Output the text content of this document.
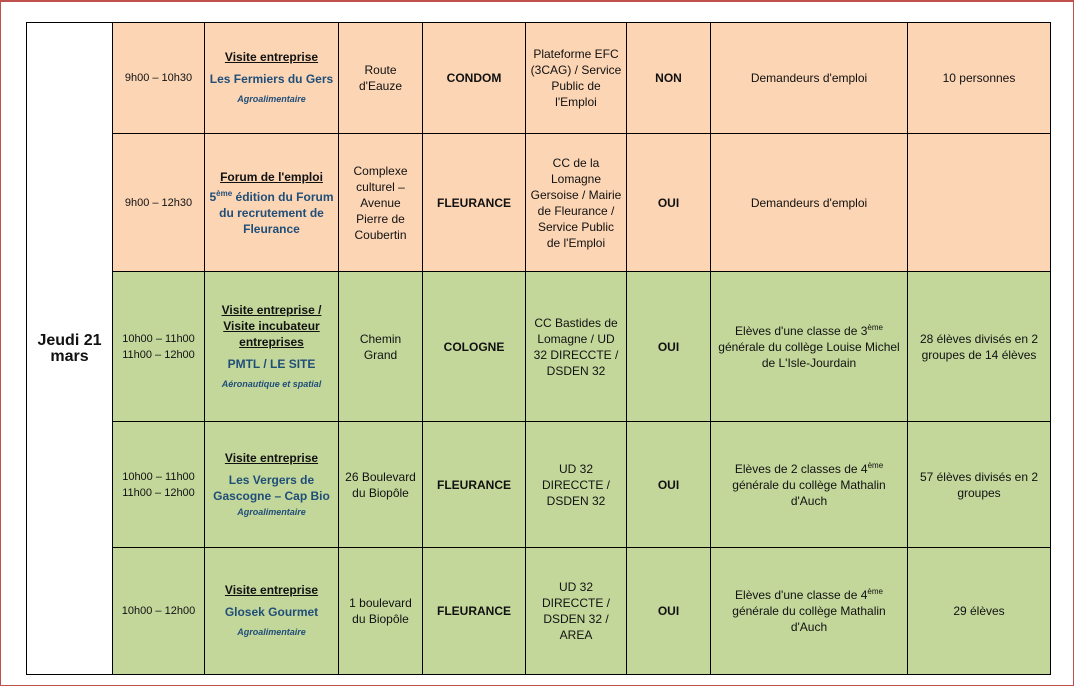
Jeudi 21 mars	9h00 – 10h30	Visite entreprise
Les Fermiers du Gers
Agroalimentaire	Route d'Eauze	CONDOM	Plateforme EFC (3CAG) / Service Public de l'Emploi	NON	Demandeurs d'emploi	10 personnes

	9h00 – 12h30	Forum de l'emploi
5ème édition du Forum du recrutement de Fleurance	Complexe culturel – Avenue Pierre de Coubertin	FLEURANCE	CC de la Lomagne Gersoise / Mairie de Fleurance / Service Public de l'Emploi	OUI	Demandeurs d'emploi	

	10h00 – 11h00
11h00 – 12h00	Visite entreprise / Visite incubateur entreprises
PMTL / LE SITE
Aéronautique et spatial	Chemin Grand	COLOGNE	CC Bastides de Lomagne / UD 32 DIRECCTE / DSDEN 32	OUI	Elèves d'une classe de 3ème générale du collège Louise Michel de L'Isle-Jourdain	28 élèves divisés en 2 groupes de 14 élèves

	10h00 – 11h00
11h00 – 12h00	Visite entreprise
Les Vergers de Gascogne – Cap Bio
Agroalimentaire	26 Boulevard du Biopôle	FLEURANCE	UD 32 DIRECCTE / DSDEN 32	OUI	Elèves de 2 classes de 4ème générale du collège Mathalin d'Auch	57 élèves divisés en 2 groupes

	10h00 – 12h00	Visite entreprise
Glosek Gourmet
Agroalimentaire	1 boulevard du Biopôle	FLEURANCE	UD 32 DIRECCTE / DSDEN 32 / AREA	OUI	Elèves d'une classe de 4ème générale du collège Mathalin d'Auch	29 élèves
